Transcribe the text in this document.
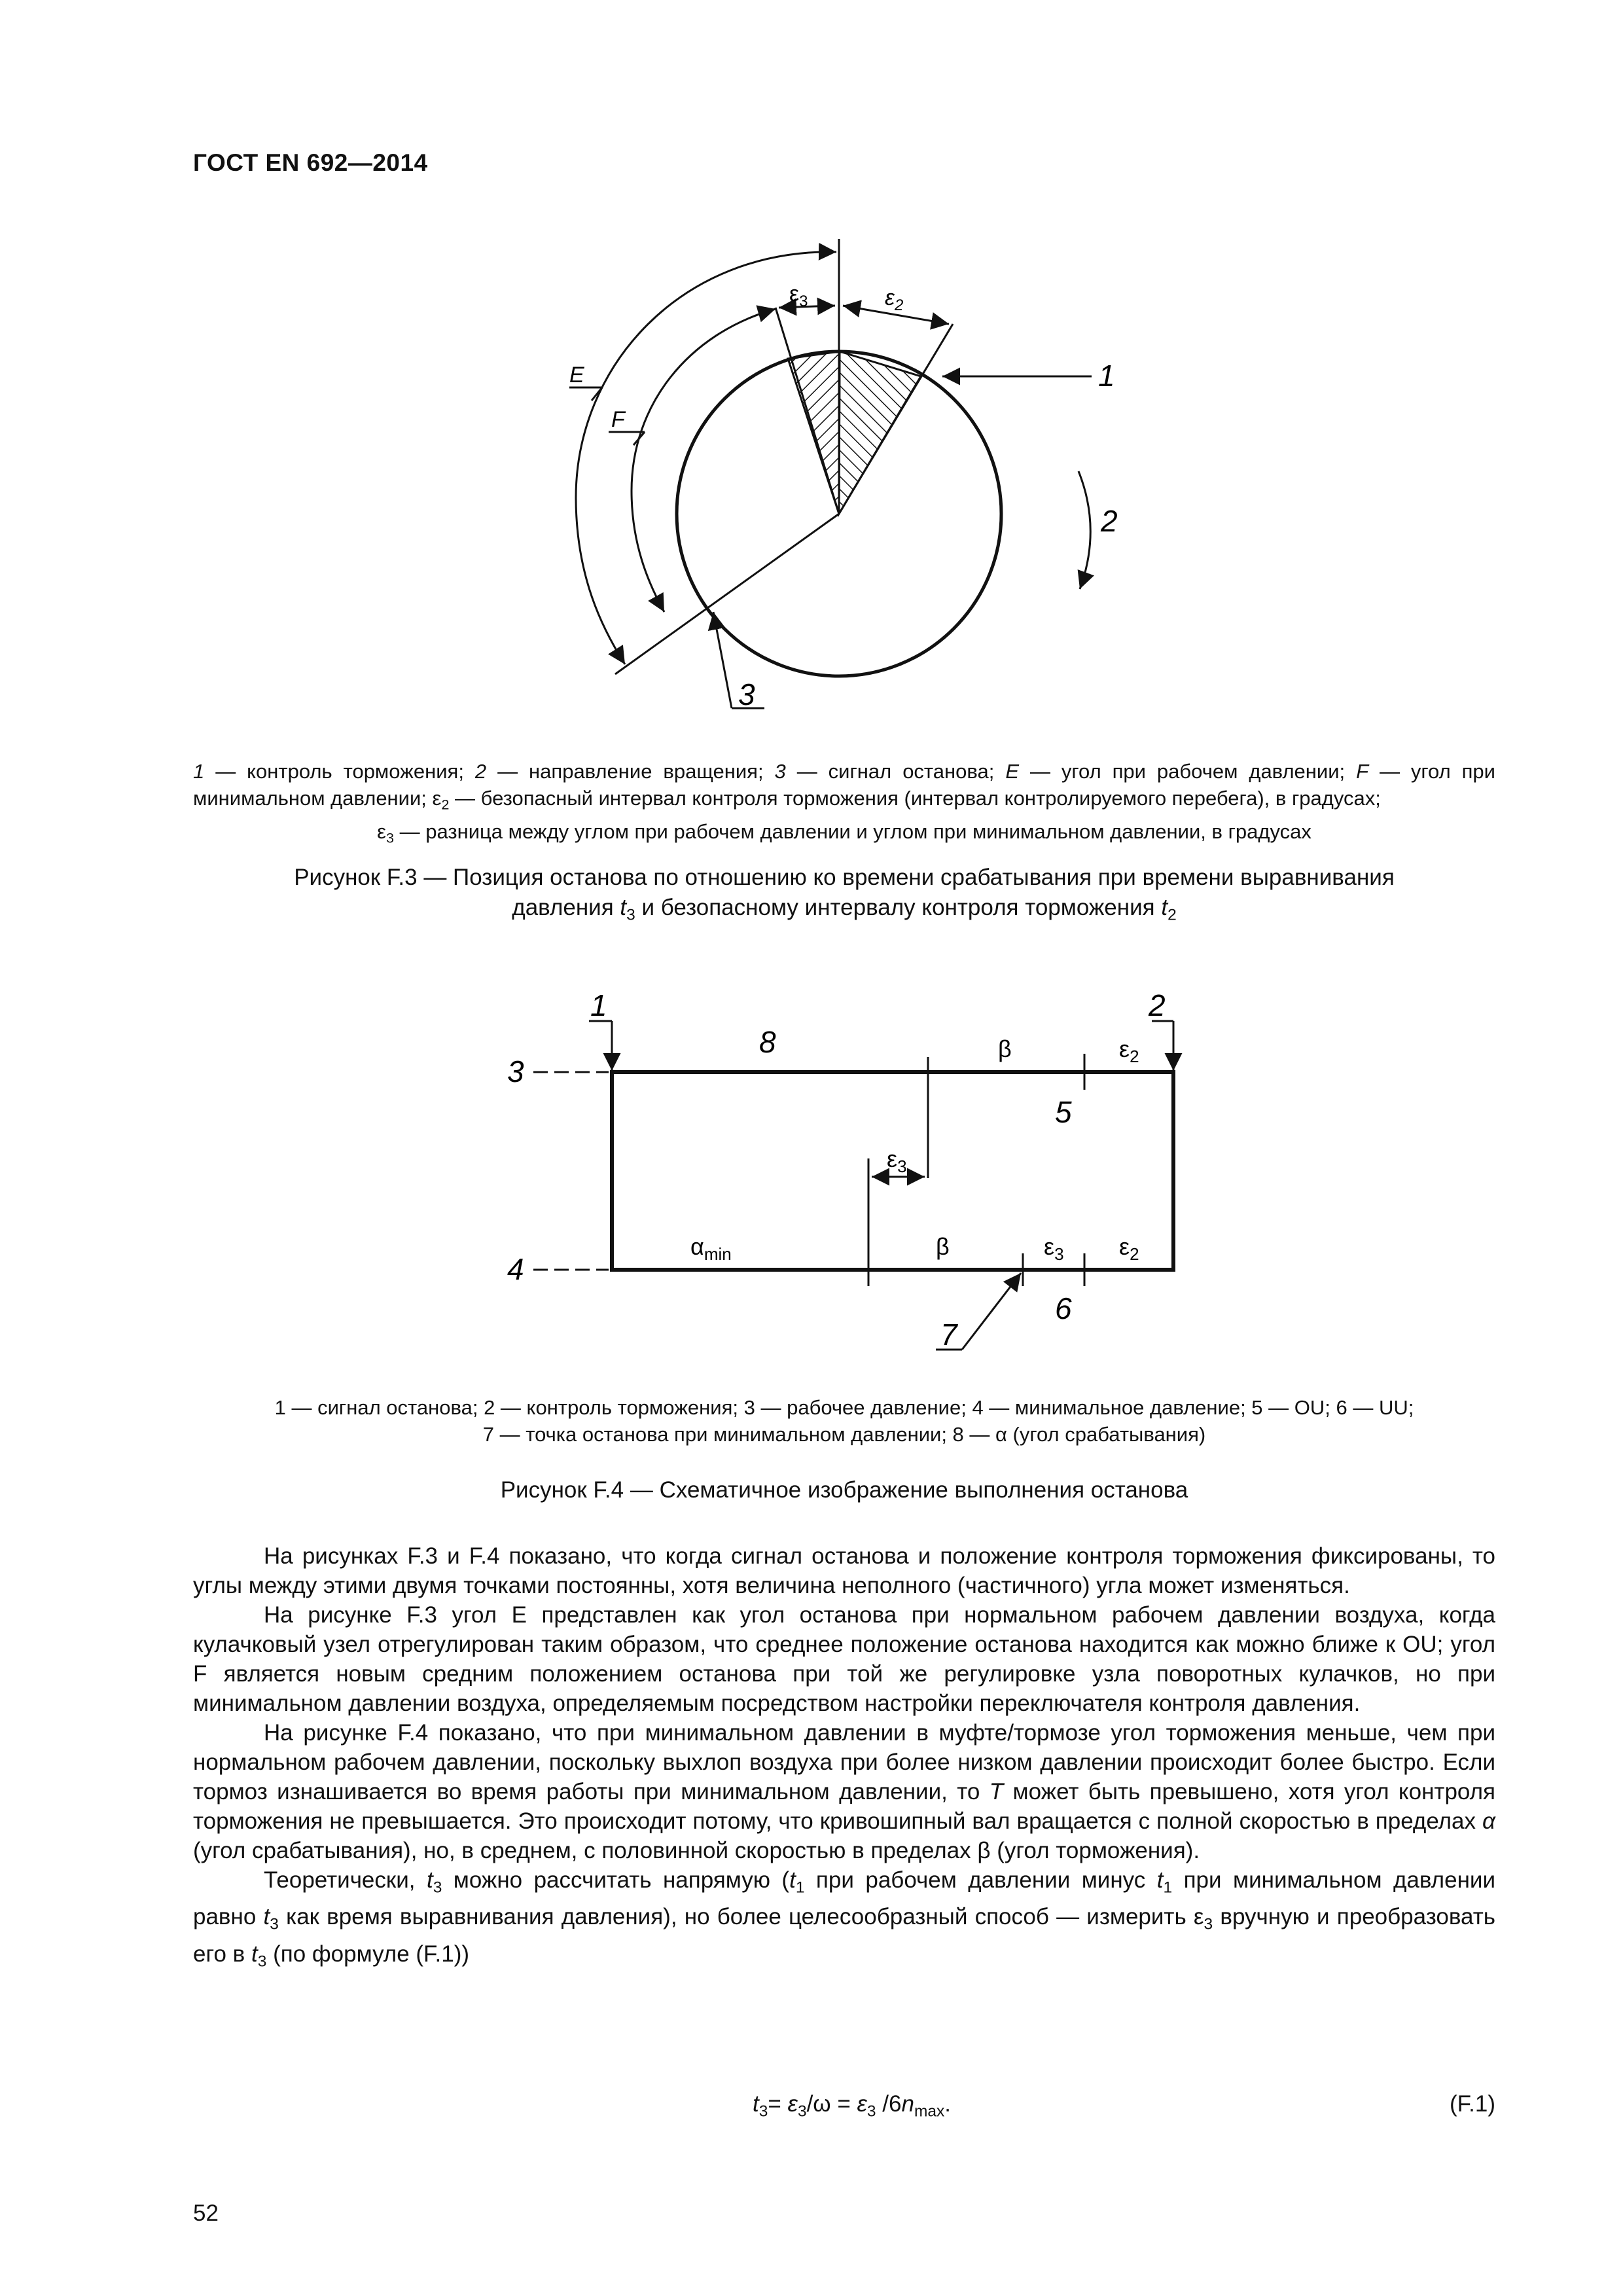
ГОСТ EN 692—2014
$\varepsilon_3$	$\varepsilon_2$
E
F
1
2
3
1 — контроль торможения; 2 — направление вращения; 3 — сигнал останова; E — угол при рабочем давлении; F — угол при минимальном давлении; $\varepsilon_2$ — безопасный интервал контроля торможения (интервал контролируемого перебега), в градусах;
$\varepsilon_3$ — разница между углом при рабочем давлении и углом при минимальном давлении, в градусах
Рисунок F.3 — Позиция останова по отношению ко времени срабатывания при времени выравнивания
давления $t_3$ и безопасному интервалу контроля торможения $t_2$
1	2
3
4
5
6
7
8	β	$\varepsilon_2$
$\varepsilon_3$
$\alpha_{min}$	β	$\varepsilon_3$ $\varepsilon_2$
1 — сигнал останова; 2 — контроль торможения; 3 — рабочее давление; 4 — минимальное давление; 5 — OU; 6 — UU;
7 — точка останова при минимальном давлении; 8 — α (угол срабатывания)
Рисунок F.4 — Схематичное изображение выполнения останова

На рисунках F.3 и F.4 показано, что когда сигнал останова и положение контроля торможения фиксированы, то углы между этими двумя точками постоянны, хотя величина неполного (частичного) угла может изменяться.

На рисунке F.3 угол E представлен как угол останова при нормальном рабочем давлении воздуха, когда кулачковый узел отрегулирован таким образом, что среднее положение останова находится как можно ближе к OU; угол F является новым средним положением останова при той же регулировке узла поворотных кулачков, но при минимальном давлении воздуха, определяемым посредством настройки переключателя контроля давления.

На рисунке F.4 показано, что при минимальном давлении в муфте/тормозе угол торможения меньше, чем при нормальном рабочем давлении, поскольку выхлоп воздуха при более низком давлении происходит более быстро. Если тормоз изнашивается во время работы при минимальном давлении, то T может быть превышено, хотя угол контроля торможения не превышается. Это происходит потому, что кривошипный вал вращается с полной скоростью в пределах α (угол срабатывания), но, в среднем, с половинной скоростью в пределах β (угол торможения).

Теоретически, $t_3$ можно рассчитать напрямую ($t_1$ при рабочем давлении минус $t_1$ при минимальном давлении равно $t_3$ как время выравнивания давления), но более целесообразный способ — измерить $\varepsilon_3$ вручную и преобразовать его в $t_3$ (по формуле (F.1))

$t_3= \varepsilon_3/\omega = \varepsilon_3$ $/6n_{max}$.	(F.1)
52
